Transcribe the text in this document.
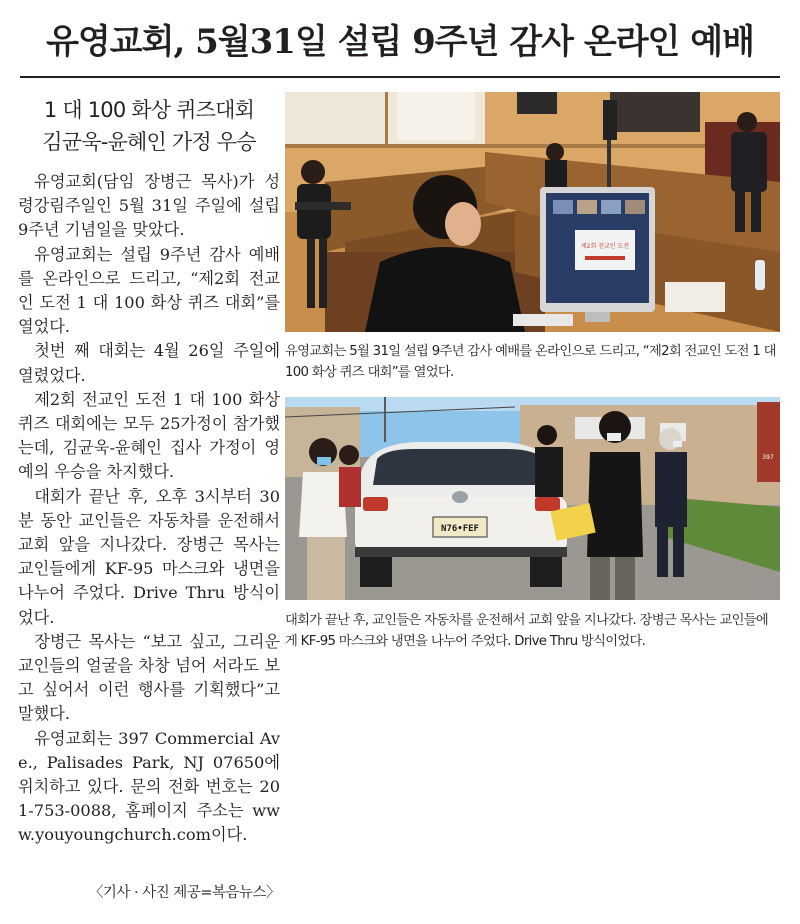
유영교회, 5월31일 설립 9주년 감사 온라인 예배
1 대 100 화상 퀴즈대회
김균욱-윤혜인 가정 우승

유영교회(담임 장병근 목사)가 성령강림주일인 5월 31일 주일에 설립 9주년 기념일을 맞았다.

유영교회는 설립 9주년 감사 예배를 온라인으로 드리고, “제2회 전교인 도전 1 대 100 화상 퀴즈 대회”를 열었다.

첫번 째 대회는 4월 26일 주일에 열렸었다.

제2회 전교인 도전 1 대 100 화상 퀴즈 대회에는 모두 25가정이 참가했는데, 김균욱-윤혜인 집사 가정이 영예의 우승을 차지했다.

대회가 끝난 후, 오후 3시부터 30분 동안 교인들은 자동차를 운전해서 교회 앞을 지나갔다. 장병근 목사는 교인들에게 KF-95 마스크와 냉면을 나누어 주었다. Drive Thru 방식이었다.

장병근 목사는 “보고 싶고, 그리운 교인들의 얼굴을 차창 넘어 서라도 보고 싶어서 이런 행사를 기획했다”고 말했다.

유영교회는 397 Commercial Ave., Palisades Park, NJ 07650에 위치하고 있다. 문의 전화 번호는 201-753-0088, 홈페이지 주소는 www.youyoungchurch.com이다.

〈기사 · 사진 제공=복음뉴스〉
제2회 전교인 도전
유영교회는 5월 31일 설립 9주년 감사 예배를 온라인으로 드리고, “제2회 전교인 도전 1 대 100 화상 퀴즈 대회”를 열었다.
397
N76•FEF
대회가 끝난 후, 교인들은 자동차를 운전해서 교회 앞을 지나갔다. 장병근 목사는 교인들에게 KF-95 마스크와 냉면을 나누어 주었다. Drive Thru 방식이었다.
